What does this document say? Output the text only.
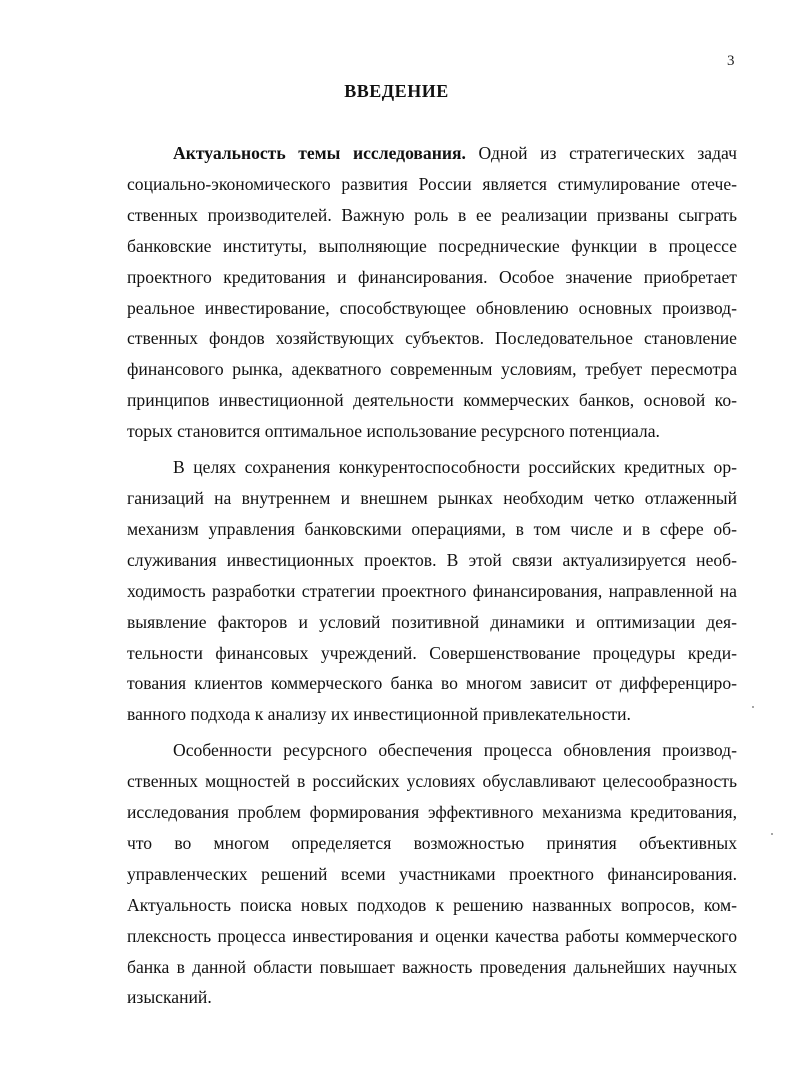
3
ВВЕДЕНИЕ

Актуальность темы исследования. Одной из стратегических задач социально-экономического развития России является стимулирование отечественных производителей. Важную роль в ее реализации призваны сыграть банковские институты, выполняющие посреднические функции в процессе проектного кредитования и финансирования. Особое значение приобретает реальное инвестирование, способствующее обновлению основных производственных фондов хозяйствующих субъектов. Последовательное становление финансового рынка, адекватного современным условиям, требует пересмотра принципов инвестиционной деятельности коммерческих банков, основой которых становится оптимальное использование ресурсного потенциала.

В целях сохранения конкурентоспособности российских кредитных организаций на внутреннем и внешнем рынках необходим четко отлаженный механизм управления банковскими операциями, в том числе и в сфере обслуживания инвестиционных проектов. В этой связи актуализируется необходимость разработки стратегии проектного финансирования, направленной на выявление факторов и условий позитивной динамики и оптимизации деятельности финансовых учреждений. Совершенствование процедуры кредитования клиентов коммерческого банка во многом зависит от дифференцированного подхода к анализу их инвестиционной привлекательности.

Особенности ресурсного обеспечения процесса обновления производственных мощностей в российских условиях обуславливают целесообразность исследования проблем формирования эффективного механизма кредитования, что во многом определяется возможностью принятия объективных управленческих решений всеми участниками проектного финансирования. Актуальность поиска новых подходов к решению названных вопросов, комплексность процесса инвестирования и оценки качества работы коммерческого банка в данной области повышает важность проведения дальнейших научных изысканий.
